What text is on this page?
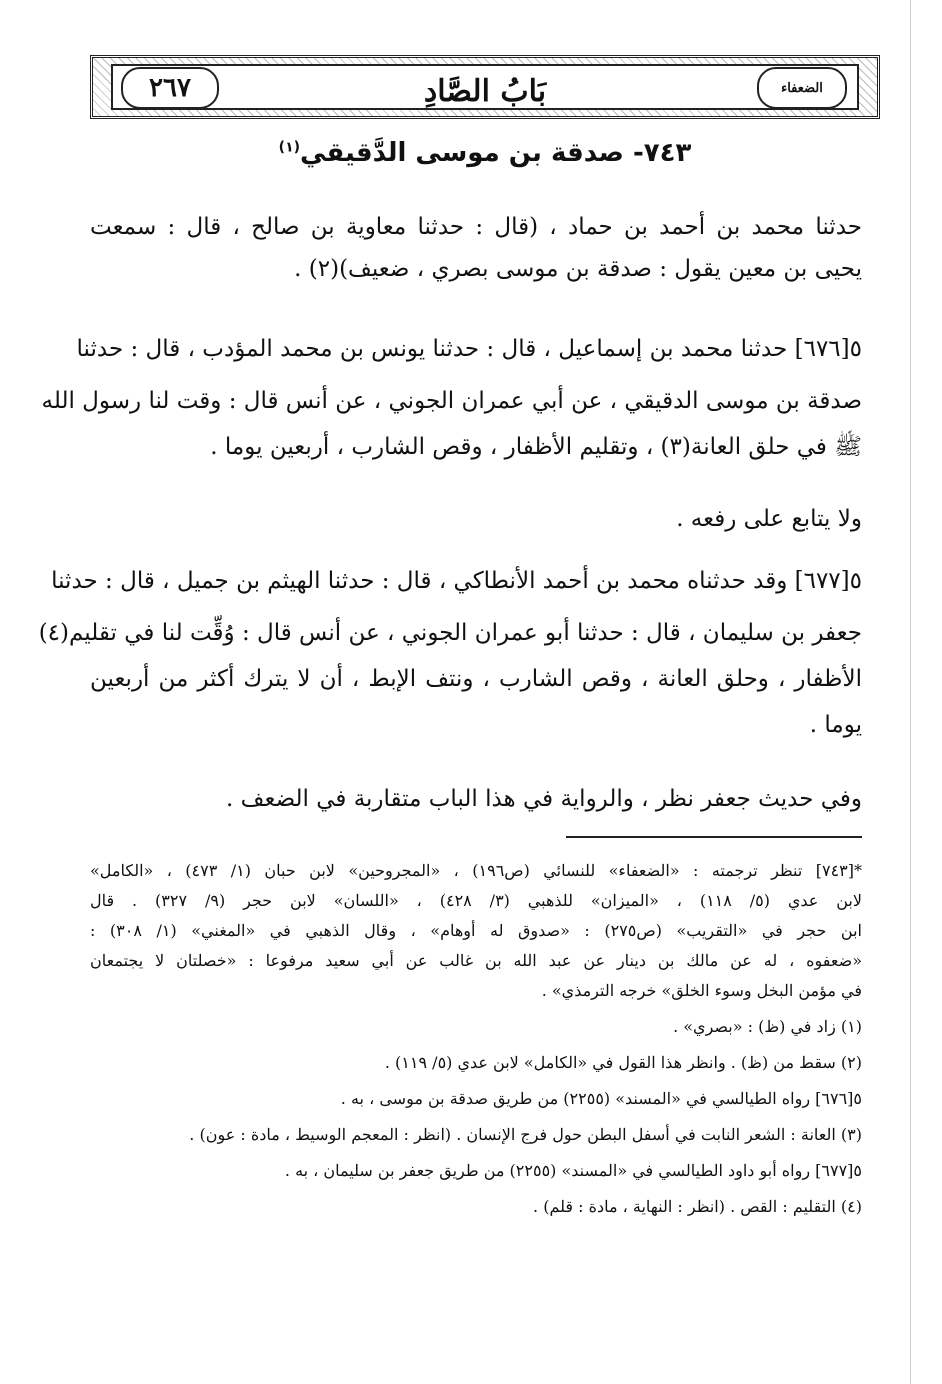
بَابُ الصَّادِ
٢٦٧	الضعفاء
٧٤٣- صدقة بن موسى الدَّقيقي$^{(١)}$
حدثنا محمد بن أحمد بن حماد ، (قال : حدثنا معاوية بن صالح ، قال : سمعت
يحيى بن معين يقول : صدقة بن موسى بصري ، ضعيف)(٢) .
٥[٦٧٦] حدثنا محمد بن إسماعيل ، قال : حدثنا يونس بن محمد المؤدب ، قال : حدثنا
صدقة بن موسى الدقيقي ، عن أبي عمران الجوني ، عن أنس قال : وقت لنا رسول الله
ﷺ في حلق العانة(٣) ، وتقليم الأظفار ، وقص الشارب ، أربعين يوما .
ولا يتابع على رفعه .
٥[٦٧٧] وقد حدثناه محمد بن أحمد الأنطاكي ، قال : حدثنا الهيثم بن جميل ، قال : حدثنا
جعفر بن سليمان ، قال : حدثنا أبو عمران الجوني ، عن أنس قال : وُقِّت لنا في تقليم(٤)
الأظفار ، وحلق العانة ، وقص الشارب ، ونتف الإبط ، أن لا يترك أكثر من أربعين
يوما .
وفي حديث جعفر نظر ، والرواية في هذا الباب متقاربة في الضعف .
*[٧٤٣] تنظر ترجمته : «الضعفاء» للنسائي (ص١٩٦) ، «المجروحين» لابن حبان (١/ ٤٧٣) ، «الكامل»
لابن عدي (٥/ ١١٨) ، «الميزان» للذهبي (٣/ ٤٢٨) ، «اللسان» لابن حجر (٩/ ٣٢٧) . قال
ابن حجر في «التقريب» (ص٢٧٥) : «صدوق له أوهام» ، وقال الذهبي في «المغني» (١/ ٣٠٨) :
«ضعفوه ، له عن مالك بن دينار عن عبد الله بن غالب عن أبي سعيد مرفوعا : «خصلتان لا يجتمعان
في مؤمن البخل وسوء الخلق» خرجه الترمذي» .
(١) زاد في (ظ) : «بصري» .
(٢) سقط من (ظ) . وانظر هذا القول في «الكامل» لابن عدي (٥/ ١١٩) .
٥[٦٧٦] رواه الطيالسي في «المسند» (٢٢٥٥) من طريق صدقة بن موسى ، به .
(٣) العانة : الشعر النابت في أسفل البطن حول فرج الإنسان . (انظر : المعجم الوسيط ، مادة : عون) .
٥[٦٧٧] رواه أبو داود الطيالسي في «المسند» (٢٢٥٥) من طريق جعفر بن سليمان ، به .
(٤) التقليم : القص . (انظر : النهاية ، مادة : قلم) .
